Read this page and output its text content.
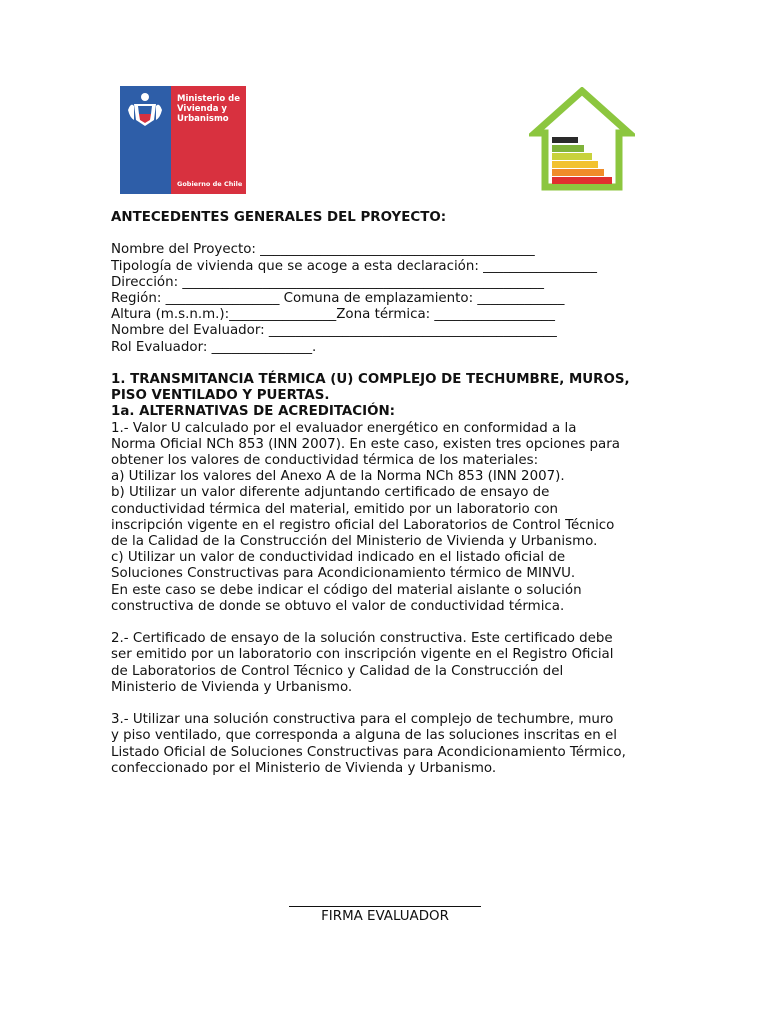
Ministerio de
Vivienda y
Urbanismo
Gobierno de Chile

ANTECEDENTES GENERALES DEL PROYECTO:

Nombre del Proyecto: _________________________________________

Tipología de vivienda que se acoge a esta declaración: _________________

Dirección: ______________________________________________________

Región: _________________ Comuna de emplazamiento: _____________

Altura (m.s.n.m.):________________Zona térmica: __________________

Nombre del Evaluador: ___________________________________________

Rol Evaluador: _______________.

1. TRANSMITANCIA TÉRMICA (U) COMPLEJO DE TECHUMBRE, MUROS, PISO VENTILADO Y PUERTAS.

1a. ALTERNATIVAS DE ACREDITACIÓN:

1.- Valor U calculado por el evaluador energético en conformidad a la

Norma Oficial NCh 853 (INN 2007). En este caso, existen tres opciones para

obtener los valores de conductividad térmica de los materiales:

a) Utilizar los valores del Anexo A de la Norma NCh 853 (INN 2007).

b) Utilizar un valor diferente adjuntando certificado de ensayo de

conductividad térmica del material, emitido por un laboratorio con

inscripción vigente en el registro oficial del Laboratorios de Control Técnico

de la Calidad de la Construcción del Ministerio de Vivienda y Urbanismo.

c) Utilizar un valor de conductividad indicado en el listado oficial de

Soluciones Constructivas para Acondicionamiento térmico de MINVU.

En este caso se debe indicar el código del material aislante o solución

constructiva de donde se obtuvo el valor de conductividad térmica.

2.- Certificado de ensayo de la solución constructiva. Este certificado debe

ser emitido por un laboratorio con inscripción vigente en el Registro Oficial

de Laboratorios de Control Técnico y Calidad de la Construcción del

Ministerio de Vivienda y Urbanismo.

3.- Utilizar una solución constructiva para el complejo de techumbre, muro

y piso ventilado, que corresponda a alguna de las soluciones inscritas en el

Listado Oficial de Soluciones Constructivas para Acondicionamiento Térmico,

confeccionado por el Ministerio de Vivienda y Urbanismo.

FIRMA EVALUADOR
